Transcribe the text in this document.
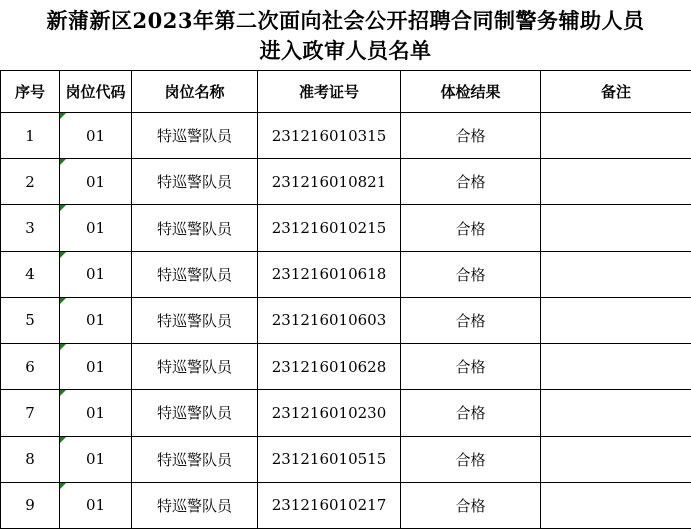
新蒲新区2023年第二次面向社会公开招聘合同制警务辅助人员
进入政审人员名单
序号	岗位代码	岗位名称	准考证号	体检结果	备注
1	01	特巡警队员	231216010315	合格	
2	01	特巡警队员	231216010821	合格	
3	01	特巡警队员	231216010215	合格	
4	01	特巡警队员	231216010618	合格	
5	01	特巡警队员	231216010603	合格	
6	01	特巡警队员	231216010628	合格	
7	01	特巡警队员	231216010230	合格	
8	01	特巡警队员	231216010515	合格	
9	01	特巡警队员	231216010217	合格	
